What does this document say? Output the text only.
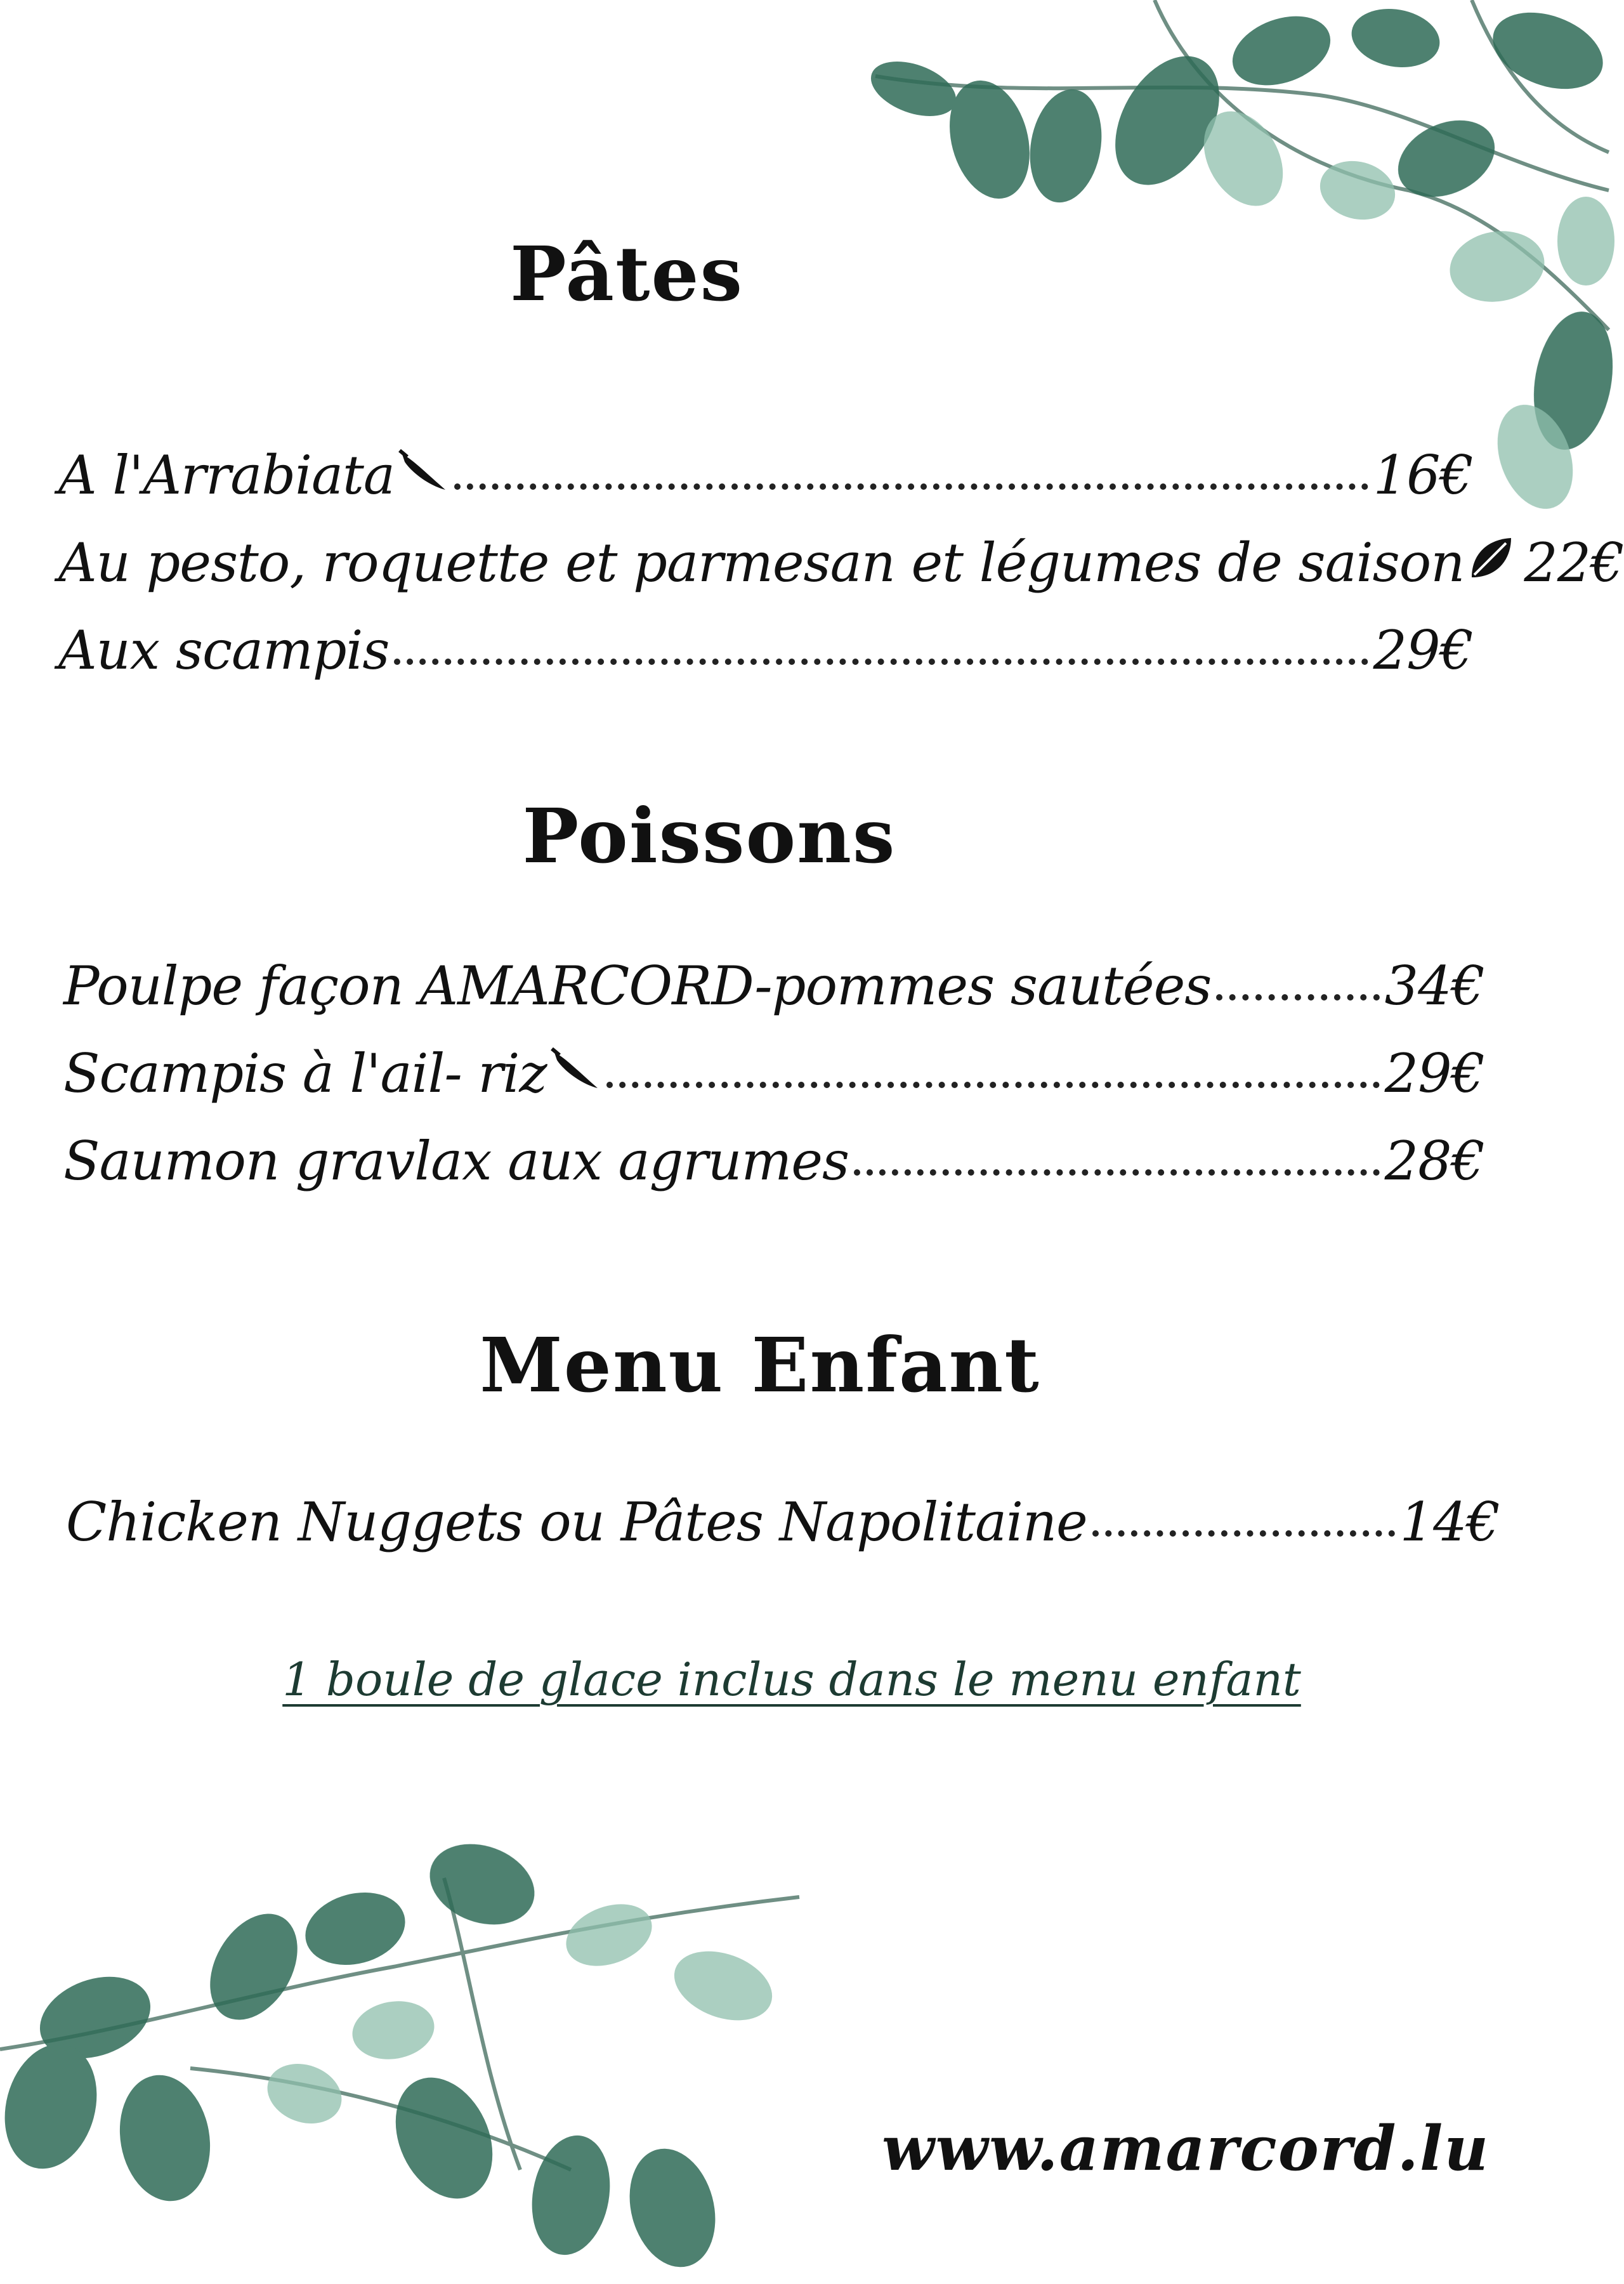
Pâtes
A l'Arrabiata	16€
Au pesto, roquette et parmesan et légumes de saison 22€
Aux scampis	29€
Poissons
Poulpe façon AMARCORD-pommes sautées	34€
Scampis à l'ail- riz	29€
Saumon gravlax aux agrumes	28€
Menu Enfant
Chicken Nuggets ou Pâtes Napolitaine	14€
1 boule de glace inclus dans le menu enfant
www.amarcord.lu
